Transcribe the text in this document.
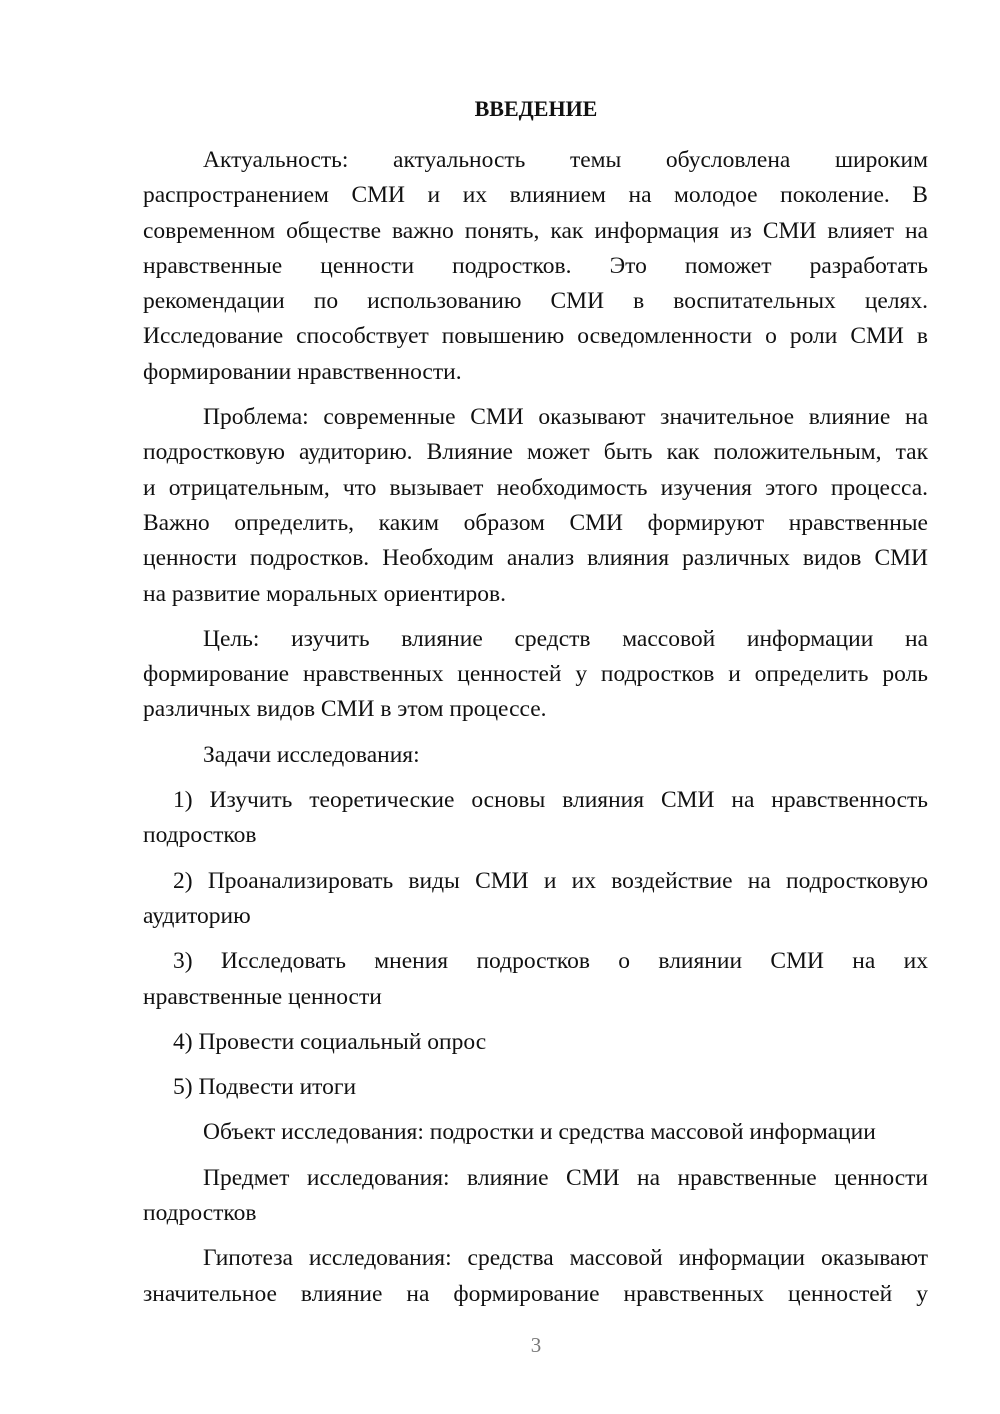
ВВЕДЕНИЕ
Актуальность: актуальность темы обусловлена широким
распространением СМИ и их влиянием на молодое поколение. В
современном обществе важно понять, как информация из СМИ влияет на
нравственные ценности подростков. Это поможет разработать
рекомендации по использованию СМИ в воспитательных целях.
Исследование способствует повышению осведомленности о роли СМИ в
формировании нравственности.
Проблема: современные СМИ оказывают значительное влияние на
подростковую аудиторию. Влияние может быть как положительным, так
и отрицательным, что вызывает необходимость изучения этого процесса.
Важно определить, каким образом СМИ формируют нравственные
ценности подростков. Необходим анализ влияния различных видов СМИ
на развитие моральных ориентиров.
Цель: изучить влияние средств массовой информации на
формирование нравственных ценностей у подростков и определить роль
различных видов СМИ в этом процессе.
Задачи исследования:
1) Изучить теоретические основы влияния СМИ на нравственность
подростков
2) Проанализировать виды СМИ и их воздействие на подростковую
аудиторию
3) Исследовать мнения подростков о влиянии СМИ на их
нравственные ценности
4) Провести социальный опрос
5) Подвести итоги
Объект исследования: подростки и средства массовой информации
Предмет исследования: влияние СМИ на нравственные ценности
подростков
Гипотеза исследования: средства массовой информации оказывают
значительное влияние на формирование нравственных ценностей у
3
